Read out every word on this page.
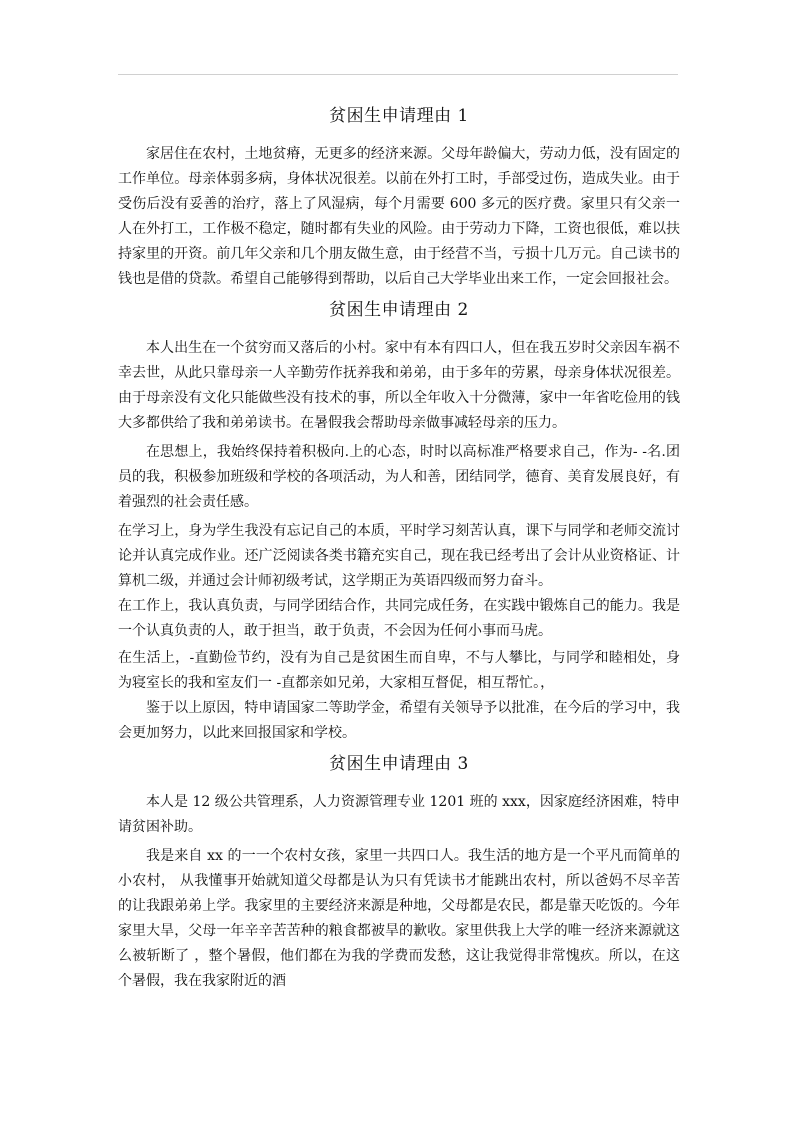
贫困生申请理由 1

家居住在农村，土地贫瘠，无更多的经济来源。父母年龄偏大，劳动力低，没有固定的工作单位。母亲体弱多病，身体状况很差。以前在外打工时，手部受过伤，造成失业。由于受伤后没有妥善的治疗，落上了风湿病，每个月需要 600 多元的医疗费。家里只有父亲一人在外打工，工作极不稳定，随时都有失业的风险。由于劳动力下降，工资也很低，难以扶持家里的开资。前几年父亲和几个朋友做生意，由于经营不当，亏损十几万元。自己读书的钱也是借的贷款。希望自己能够得到帮助，以后自己大学毕业出来工作，一定会回报社会。

贫困生申请理由 2

本人出生在一个贫穷而又落后的小村。家中有本有四口人，但在我五岁时父亲因车祸不幸去世，从此只靠母亲一人辛勤劳作抚养我和弟弟，由于多年的劳累，母亲身体状况很差。由于母亲没有文化只能做些没有技术的事，所以全年收入十分微薄，家中一年省吃俭用的钱大多都供给了我和弟弟读书。在暑假我会帮助母亲做事减轻母亲的压力。

在思想上，我始终保持着积极向.上的心态，时时以高标准严格要求自己，作为- -名.团员的我，积极参加班级和学校的各项活动，为人和善，团结同学，德育、美育发展良好，有着强烈的社会责任感。

在学习上，身为学生我没有忘记自己的本质，平时学习刻苦认真，课下与同学和老师交流讨论并认真完成作业。还广泛阅读各类书籍充实自己，现在我已经考出了会计从业资格证、计算机二级，并通过会计师初级考试，这学期正为英语四级而努力奋斗。

在工作上，我认真负责，与同学团结合作，共同完成任务，在实践中锻炼自己的能力。我是一个认真负责的人，敢于担当，敢于负责，不会因为任何小事而马虎。

在生活上，-直勤俭节约，没有为自己是贫困生而自卑，不与人攀比，与同学和睦相处，身为寝室长的我和室友们一 -直都亲如兄弟，大家相互督促，相互帮忙。，

鉴于以上原因，特申请国家二等助学金，希望有关领导予以批准，在今后的学习中，我会更加努力，以此来回报国家和学校。

贫困生申请理由 3

本人是 12 级公共管理系，人力资源管理专业 1201 班的 xxx，因家庭经济困难，特申请贫困补助。

我是来自 xx 的一一个农村女孩，家里一共四口人。我生活的地方是一个平凡而简单的小农村， 从我懂事开始就知道父母都是认为只有凭读书才能跳出农村，所以爸妈不尽辛苦的让我跟弟弟上学。我家里的主要经济来源是种地，父母都是农民，都是靠天吃饭的。今年家里大旱，父母一年辛辛苦苦种的粮食都被旱的歉收。家里供我上大学的唯一经济来源就这么被斩断了 ，整个暑假，他们都在为我的学费而发愁，这让我觉得非常愧疚。所以，在这个暑假，我在我家附近的酒
